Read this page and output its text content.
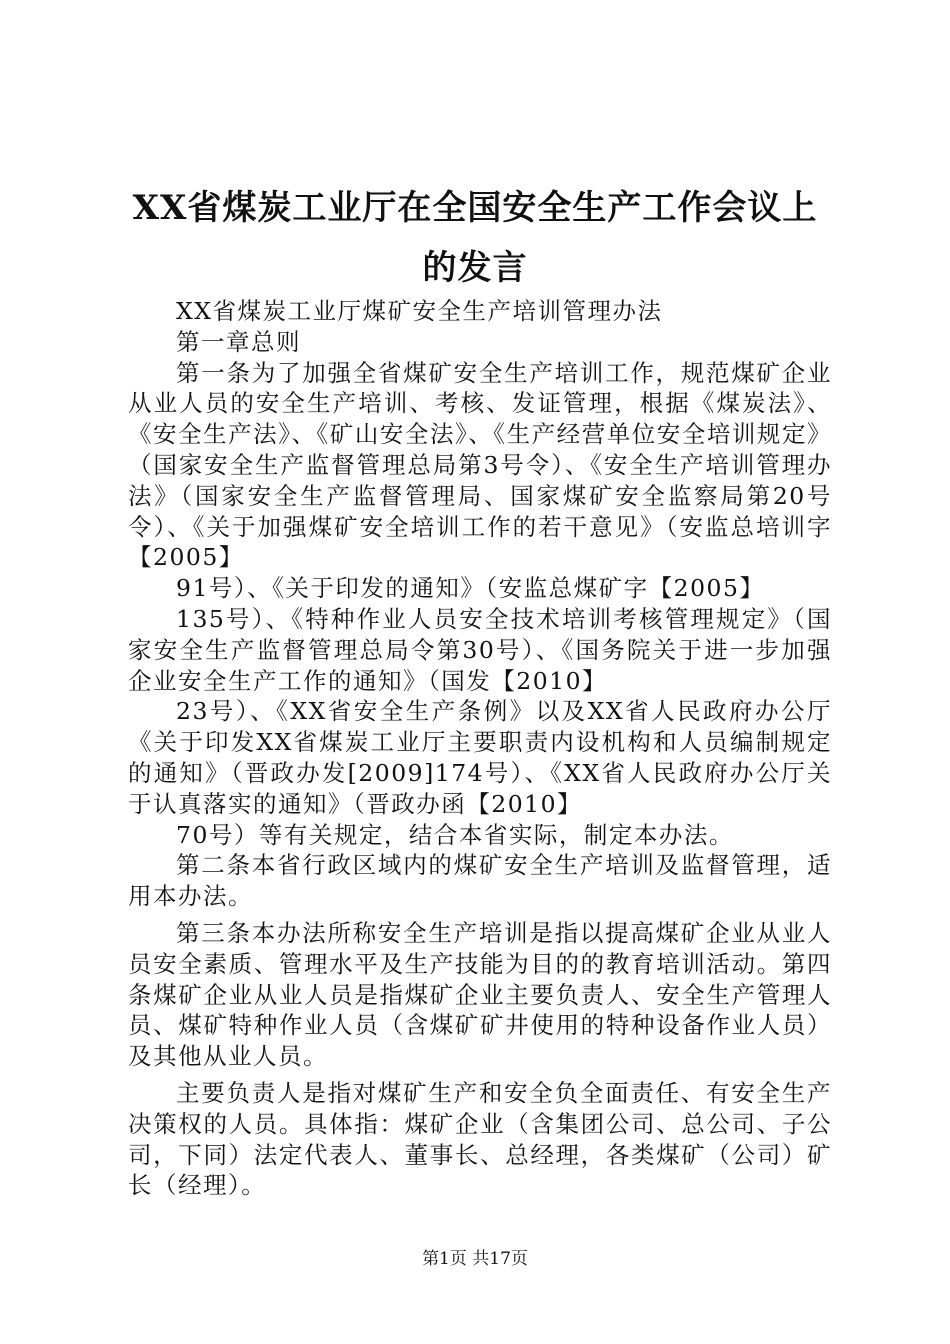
XX省煤炭工业厅在全国安全生产工作会议上的发言

XX省煤炭工业厅煤矿安全生产培训管理办法

第一章总则

第一条为了加强全省煤矿安全生产培训工作，规范煤矿企业从业人员的安全生产培训、考核、发证管理，根据《煤炭法》、《安全生产法》、《矿山安全法》、《生产经营单位安全培训规定》（国家安全生产监督管理总局第3号令）、《安全生产培训管理办法》（国家安全生产监督管理局、国家煤矿安全监察局第20号令）、《关于加强煤矿安全培训工作的若干意见》（安监总培训字【2005】

91号）、《关于印发的通知》（安监总煤矿字【2005】

135号）、《特种作业人员安全技术培训考核管理规定》（国家安全生产监督管理总局令第30号）、《国务院关于进一步加强企业安全生产工作的通知》（国发【2010】

23号）、《XX省安全生产条例》以及XX省人民政府办公厅《关于印发XX省煤炭工业厅主要职责内设机构和人员编制规定的通知》（晋政办发[2009]174号）、《XX省人民政府办公厅关于认真落实的通知》（晋政办函【2010】

70号）等有关规定，结合本省实际，制定本办法。

第二条本省行政区域内的煤矿安全生产培训及监督管理，适用本办法。

第三条本办法所称安全生产培训是指以提高煤矿企业从业人员安全素质、管理水平及生产技能为目的的教育培训活动。第四条煤矿企业从业人员是指煤矿企业主要负责人、安全生产管理人员、煤矿特种作业人员（含煤矿矿井使用的特种设备作业人员）及其他从业人员。

主要负责人是指对煤矿生产和安全负全面责任、有安全生产决策权的人员。具体指：煤矿企业（含集团公司、总公司、子公司，下同）法定代表人、董事长、总经理，各类煤矿（公司）矿长（经理）。

第1页 共17页
